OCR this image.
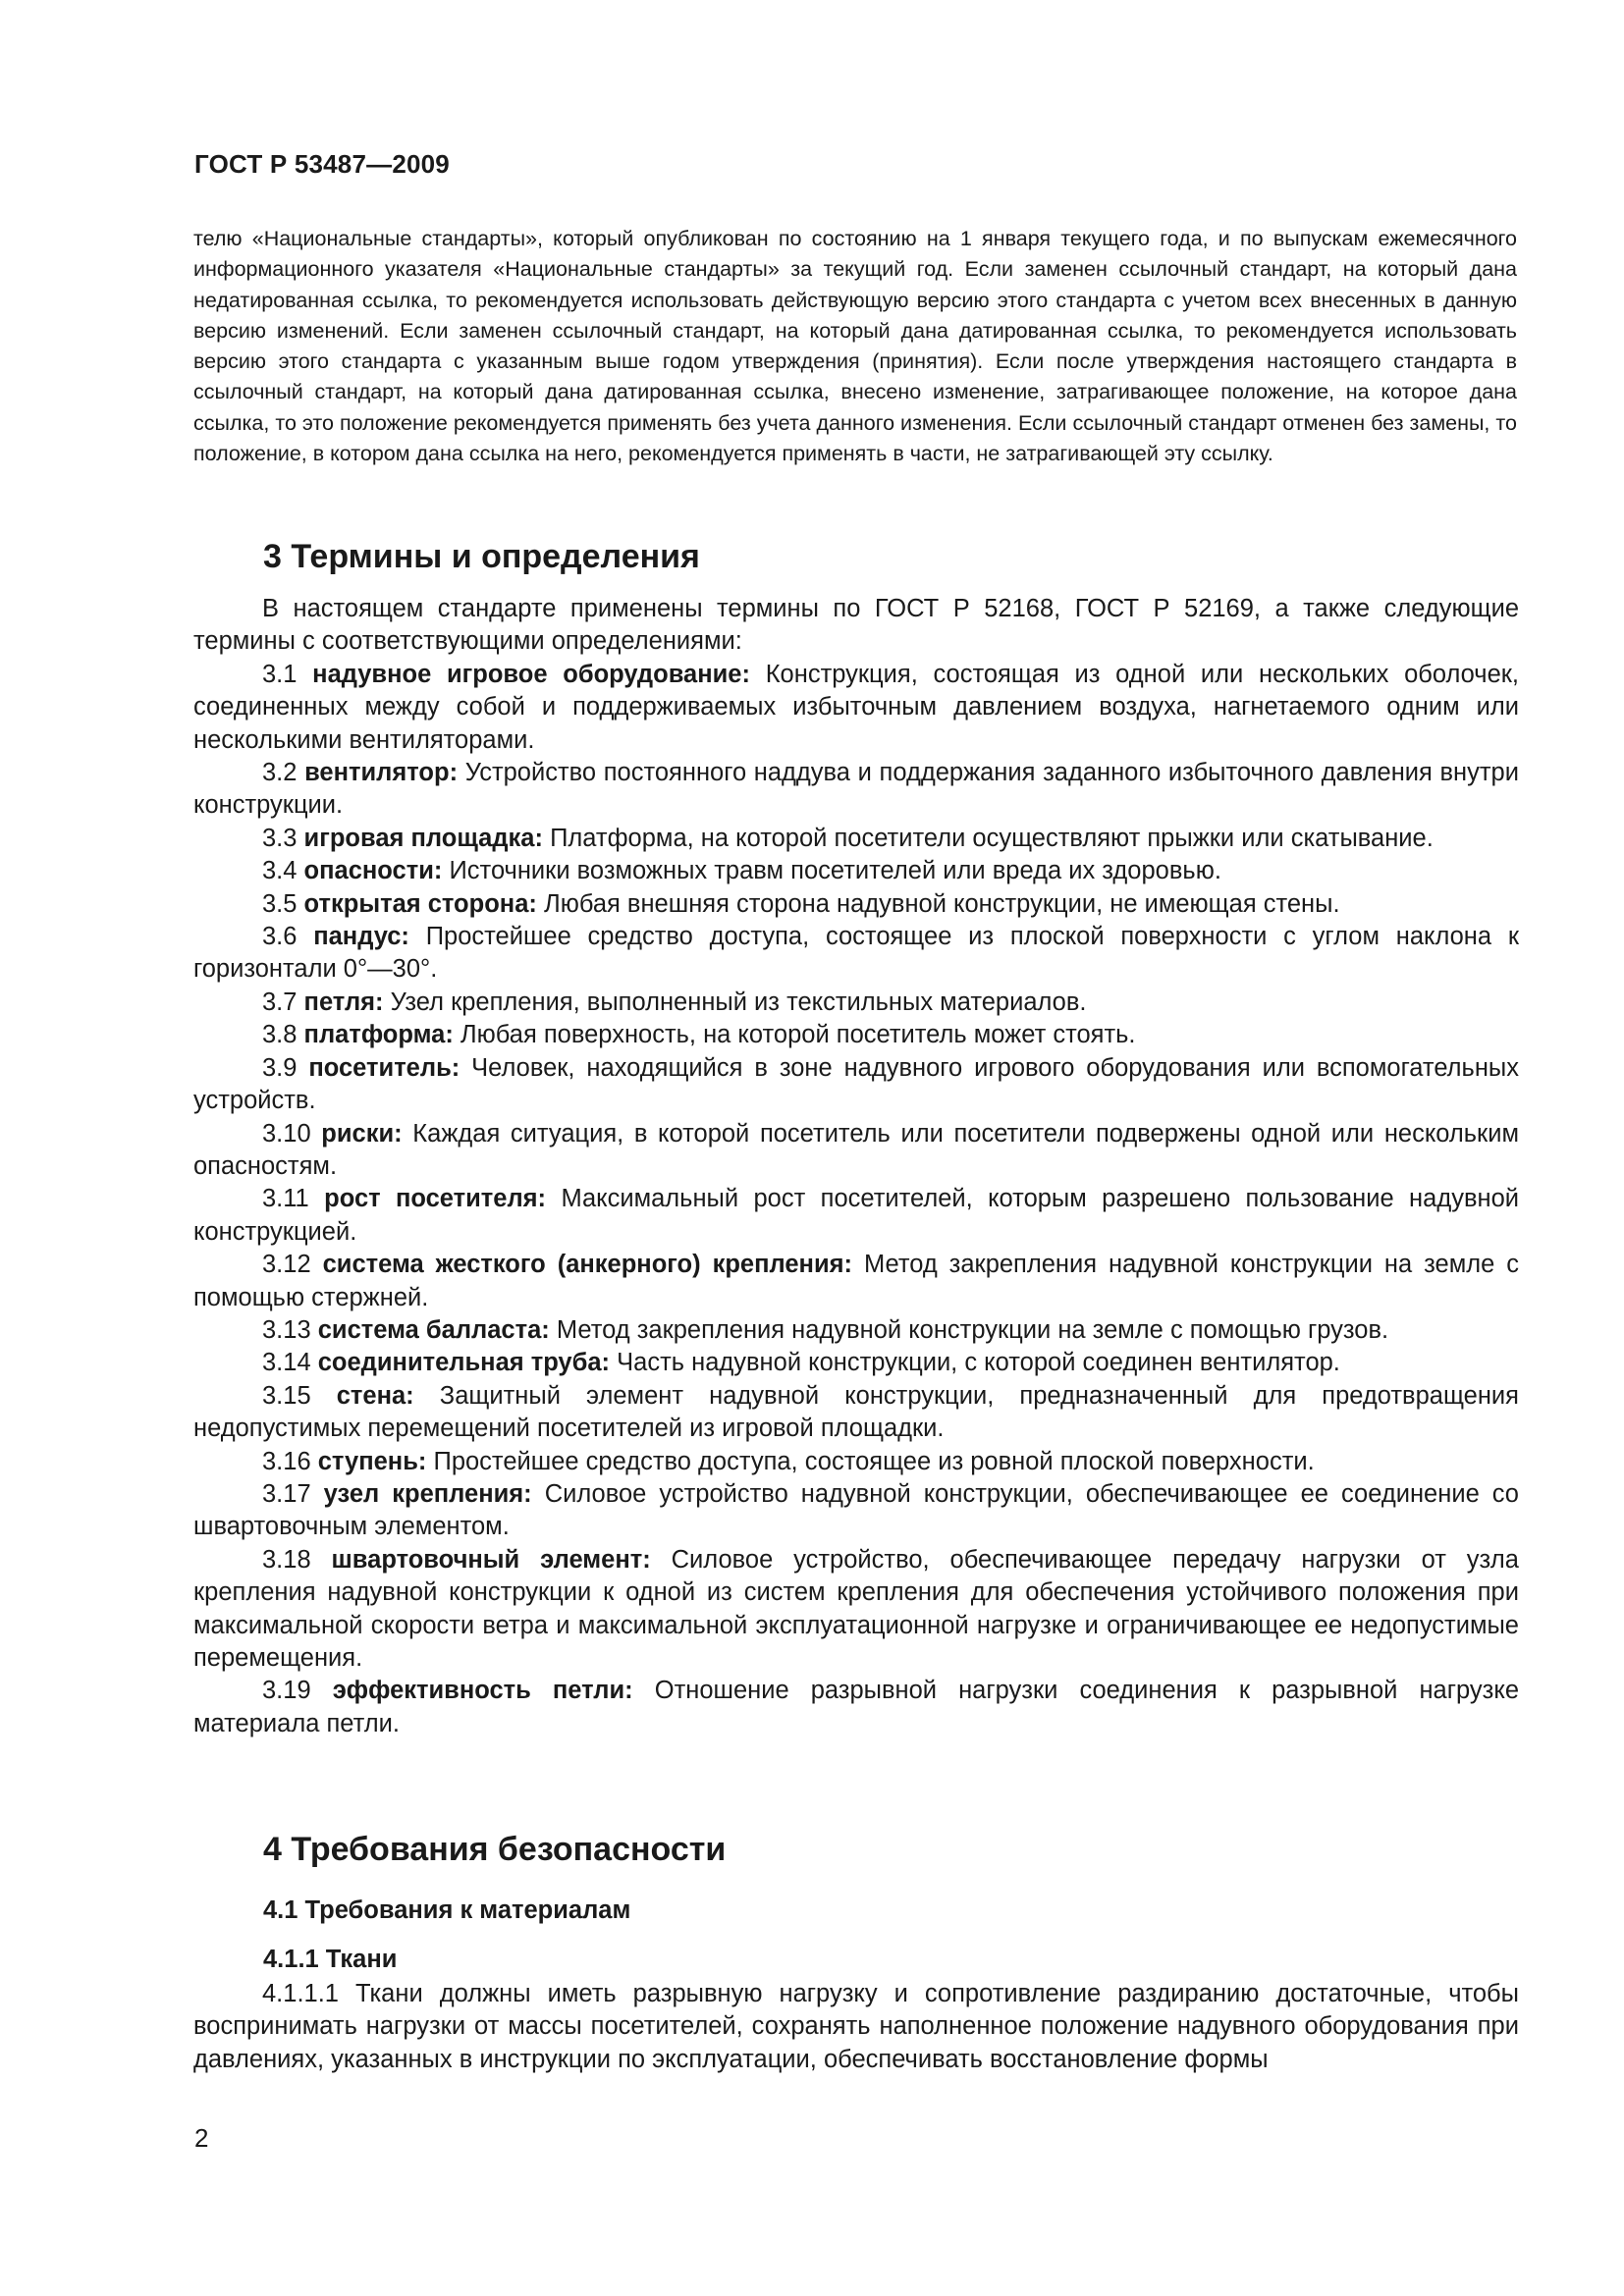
ГОСТ Р 53487—2009

телю «Национальные стандарты», который опубликован по состоянию на 1 января текущего года, и по выпускам ежемесячного информационного указателя «Национальные стандарты» за текущий год. Если заменен ссылочный стандарт, на который дана недатированная ссылка, то рекомендуется использовать действующую версию этого стандарта с учетом всех внесенных в данную версию изменений. Если заменен ссылочный стандарт, на который дана датированная ссылка, то рекомендуется использовать версию этого стандарта с указанным выше годом утверждения (принятия). Если после утверждения настоящего стандарта в ссылочный стандарт, на который дана датированная ссылка, внесено изменение, затрагивающее положение, на которое дана ссылка, то это положение рекомендуется применять без учета данного изменения. Если ссылочный стандарт отменен без замены, то положение, в котором дана ссылка на него, рекомендуется применять в части, не затрагивающей эту ссылку.

3 Термины и определения

В настоящем стандарте применены термины по ГОСТ Р 52168, ГОСТ Р 52169, а также следующие термины с соответствующими определениями:

3.1 надувное игровое оборудование: Конструкция, состоящая из одной или нескольких оболочек, соединенных между собой и поддерживаемых избыточным давлением воздуха, нагнетаемого одним или несколькими вентиляторами.

3.2 вентилятор: Устройство постоянного наддува и поддержания заданного избыточного давления внутри конструкции.

3.3 игровая площадка: Платформа, на которой посетители осуществляют прыжки или скатывание.

3.4 опасности: Источники возможных травм посетителей или вреда их здоровью.

3.5 открытая сторона: Любая внешняя сторона надувной конструкции, не имеющая стены.

3.6 пандус: Простейшее средство доступа, состоящее из плоской поверхности с углом наклона к горизонтали 0°—30°.

3.7 петля: Узел крепления, выполненный из текстильных материалов.

3.8 платформа: Любая поверхность, на которой посетитель может стоять.

3.9 посетитель: Человек, находящийся в зоне надувного игрового оборудования или вспомогательных устройств.

3.10 риски: Каждая ситуация, в которой посетитель или посетители подвержены одной или нескольким опасностям.

3.11 рост посетителя: Максимальный рост посетителей, которым разрешено пользование надувной конструкцией.

3.12 система жесткого (анкерного) крепления: Метод закрепления надувной конструкции на земле с помощью стержней.

3.13 система балласта: Метод закрепления надувной конструкции на земле с помощью грузов.

3.14 соединительная труба: Часть надувной конструкции, с которой соединен вентилятор.

3.15 стена: Защитный элемент надувной конструкции, предназначенный для предотвращения недопустимых перемещений посетителей из игровой площадки.

3.16 ступень: Простейшее средство доступа, состоящее из ровной плоской поверхности.

3.17 узел крепления: Силовое устройство надувной конструкции, обеспечивающее ее соединение со швартовочным элементом.

3.18 швартовочный элемент: Силовое устройство, обеспечивающее передачу нагрузки от узла крепления надувной конструкции к одной из систем крепления для обеспечения устойчивого положения при максимальной скорости ветра и максимальной эксплуатационной нагрузке и ограничивающее ее недопустимые перемещения.

3.19 эффективность петли: Отношение разрывной нагрузки соединения к разрывной нагрузке материала петли.

4 Требования безопасности
4.1 Требования к материалам
4.1.1 Ткани

4.1.1.1 Ткани должны иметь разрывную нагрузку и сопротивление раздиранию достаточные, чтобы воспринимать нагрузки от массы посетителей, сохранять наполненное положение надувного оборудования при давлениях, указанных в инструкции по эксплуатации, обеспечивать восстановление формы

2
